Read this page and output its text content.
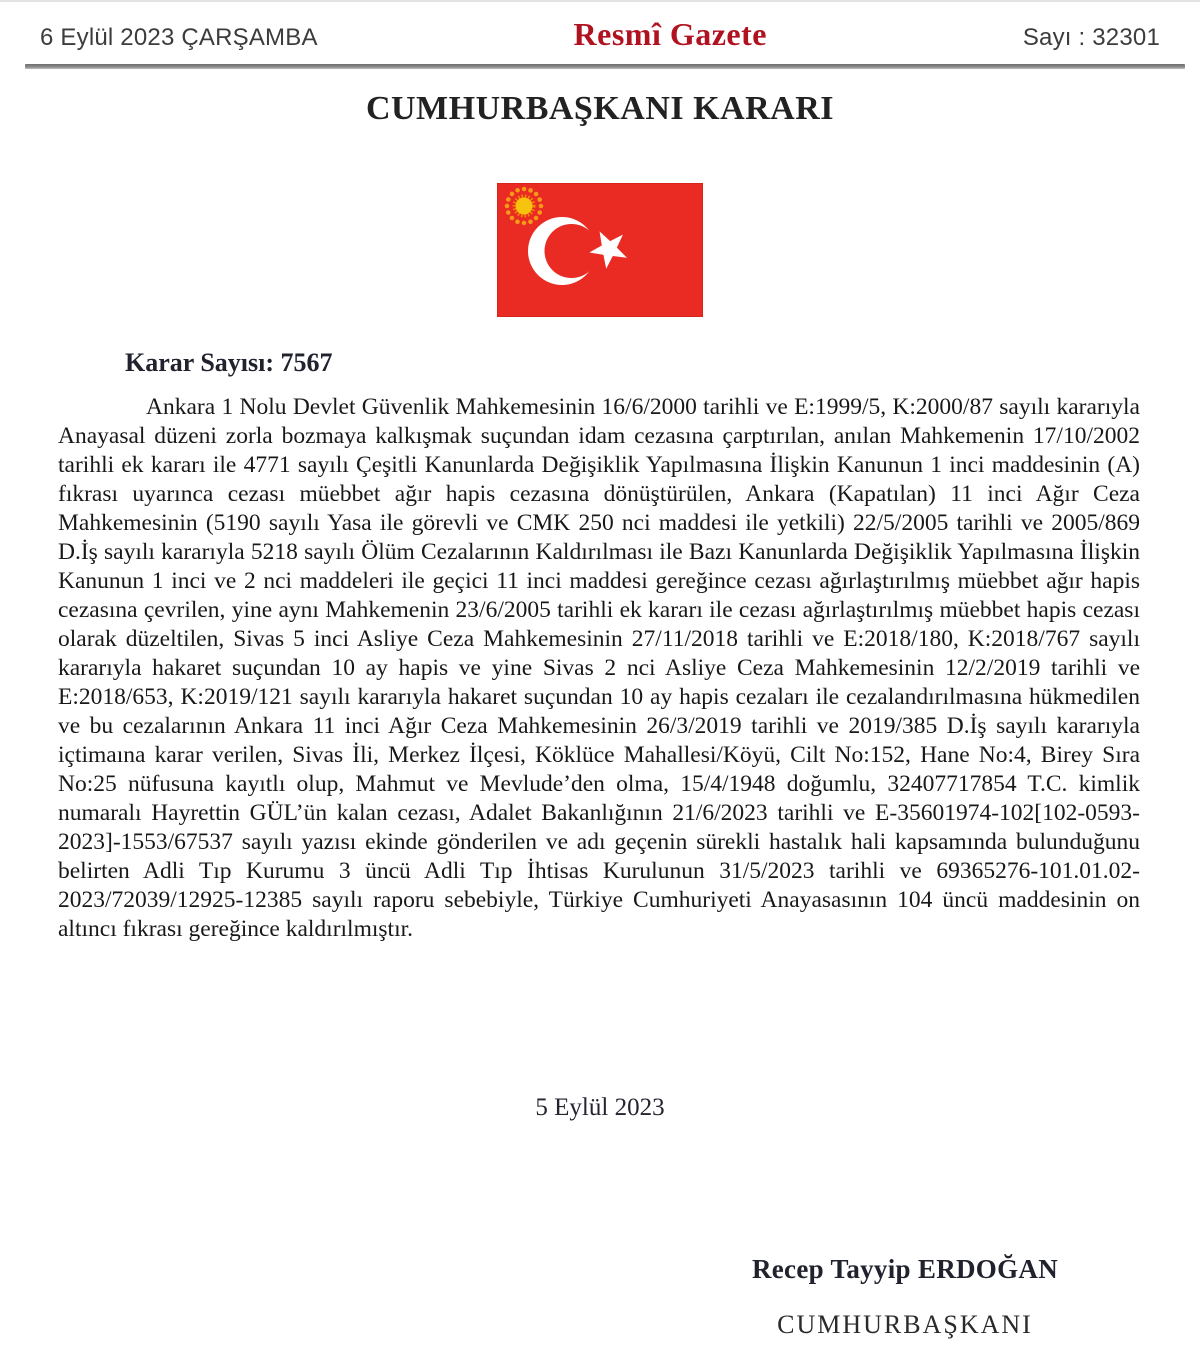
6 Eylül 2023 ÇARŞAMBA	Resmî Gazete	Sayı : 32301
CUMHURBAŞKANI KARARI
Karar Sayısı: 7567

Ankara 1 Nolu Devlet Güvenlik Mahkemesinin 16/6/2000 tarihli ve E:1999/5, K:2000/87 sayılı kararıyla Anayasal düzeni zorla bozmaya kalkışmak suçundan idam cezasına çarptırılan, anılan Mahkemenin 17/10/2002 tarihli ek kararı ile 4771 sayılı Çeşitli Kanunlarda Değişiklik Yapılmasına İlişkin Kanunun 1 inci maddesinin (A) fıkrası uyarınca cezası müebbet ağır hapis cezasına dönüştürülen, Ankara (Kapatılan) 11 inci Ağır Ceza Mahkemesinin (5190 sayılı Yasa ile görevli ve CMK 250 nci maddesi ile yetkili) 22/5/2005 tarihli ve 2005/869 D.İş sayılı kararıyla 5218 sayılı Ölüm Cezalarının Kaldırılması ile Bazı Kanunlarda Değişiklik Yapılmasına İlişkin Kanunun 1 inci ve 2 nci maddeleri ile geçici 11 inci maddesi gereğince cezası ağırlaştırılmış müebbet ağır hapis cezasına çevrilen, yine aynı Mahkemenin 23/6/2005 tarihli ek kararı ile cezası ağırlaştırılmış müebbet hapis cezası olarak düzeltilen, Sivas 5 inci Asliye Ceza Mahkemesinin 27/11/2018 tarihli ve E:2018/180, K:2018/767 sayılı kararıyla hakaret suçundan 10 ay hapis ve yine Sivas 2 nci Asliye Ceza Mahkemesinin 12/2/2019 tarihli ve E:2018/653, K:2019/121 sayılı kararıyla hakaret suçundan 10 ay hapis cezaları ile cezalandırılmasına hükmedilen ve bu cezalarının Ankara 11 inci Ağır Ceza Mahkemesinin 26/3/2019 tarihli ve 2019/385 D.İş sayılı kararıyla içtimaına karar verilen, Sivas İli, Merkez İlçesi, Köklüce Mahallesi/Köyü, Cilt No:152, Hane No:4, Birey Sıra No:25 nüfusuna kayıtlı olup, Mahmut ve Mevlude’den olma, 15/4/1948 doğumlu, 32407717854 T.C. kimlik numaralı Hayrettin GÜL’ün kalan cezası, Adalet Bakanlığının 21/6/2023 tarihli ve E-35601974-102[102-0593-2023]-1553/67537 sayılı yazısı ekinde gönderilen ve adı geçenin sürekli hastalık hali kapsamında bulunduğunu belirten Adli Tıp Kurumu 3 üncü Adli Tıp İhtisas Kurulunun 31/5/2023 tarihli ve 69365276-101.01.02-2023/72039/12925-12385 sayılı raporu sebebiyle, Türkiye Cumhuriyeti Anayasasının 104 üncü maddesinin on altıncı fıkrası gereğince kaldırılmıştır.

5 Eylül 2023
Recep Tayyip ERDOĞAN
CUMHURBAŞKANI
